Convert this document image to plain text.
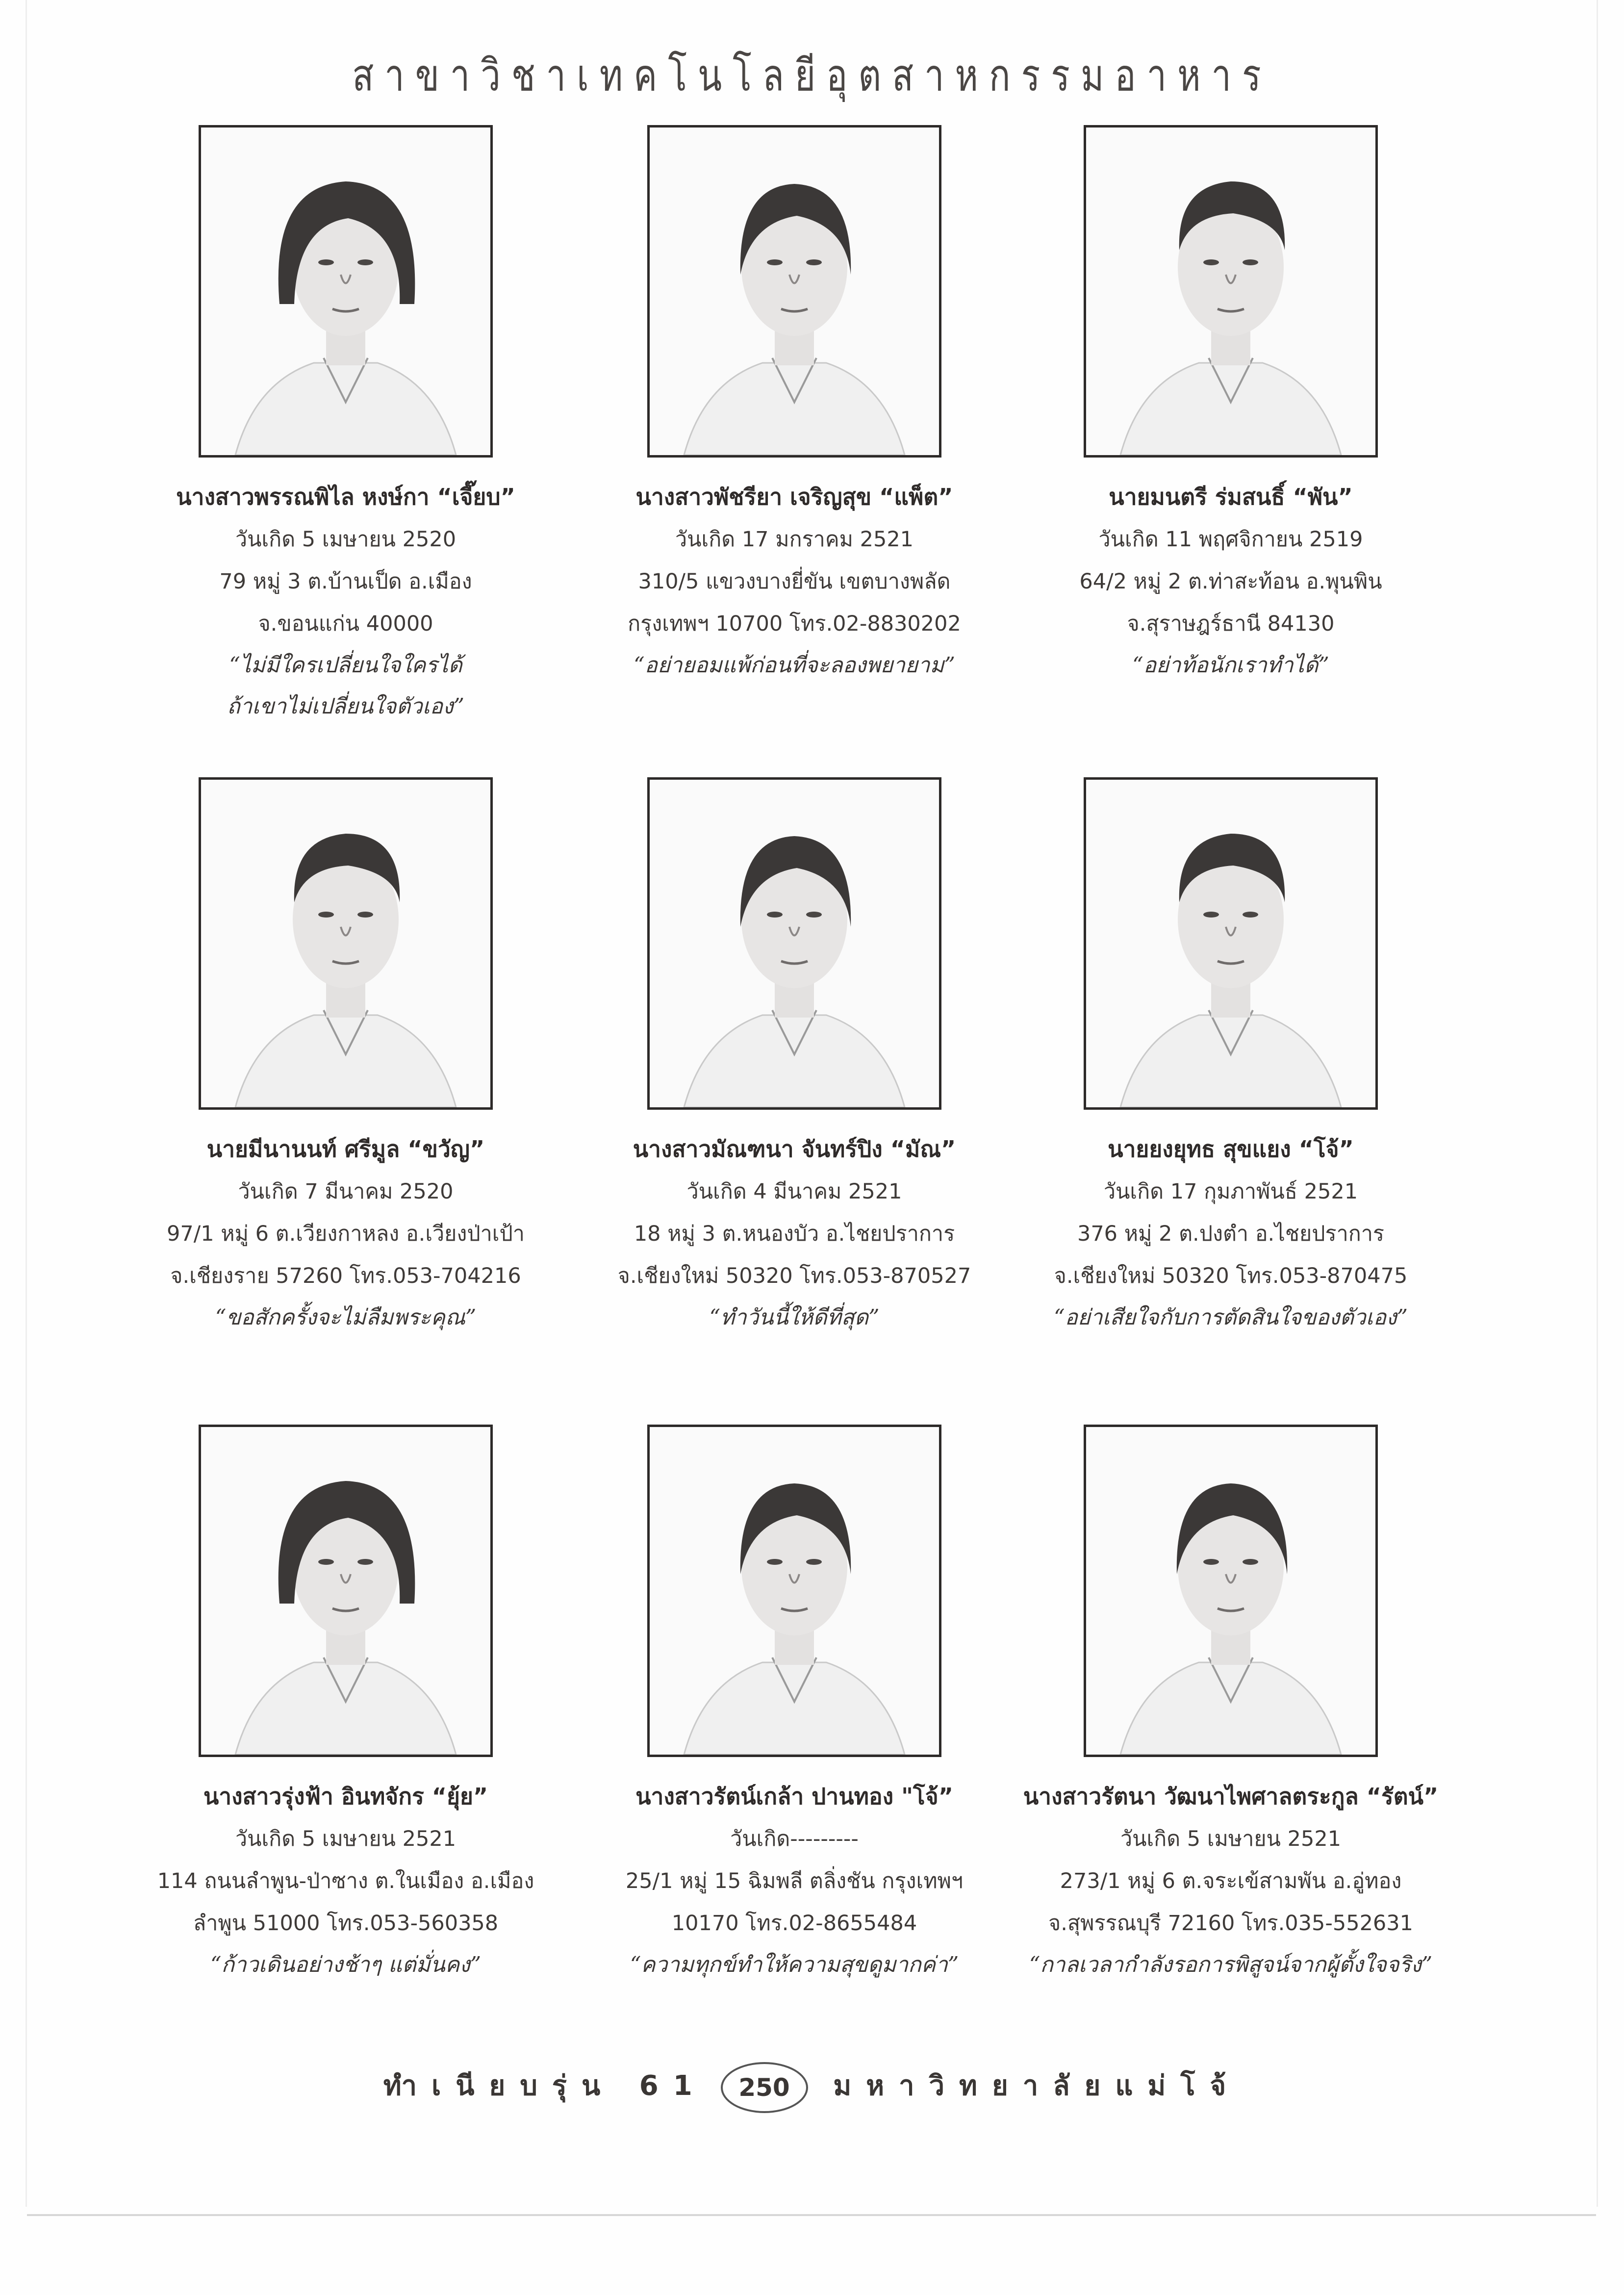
สาขาวิชาเทคโนโลยีอุตสาหกรรมอาหาร
นางสาวพรรณพิไล หงษ์กา “เจี๊ยบ”
วันเกิด 5 เมษายน 2520
79 หมู่ 3 ต.บ้านเป็ด อ.เมือง
จ.ขอนแก่น 40000
“ไม่มีใครเปลี่ยนใจใครได้
ถ้าเขาไม่เปลี่ยนใจตัวเอง”
นางสาวพัชรียา เจริญสุข “แพ็ต”
วันเกิด 17 มกราคม 2521
310/5 แขวงบางยี่ขัน เขตบางพลัด
กรุงเทพฯ 10700 โทร.02-8830202
“อย่ายอมแพ้ก่อนที่จะลองพยายาม”
นายมนตรี ร่มสนธิ์ “พัน”
วันเกิด 11 พฤศจิกายน 2519
64/2 หมู่ 2 ต.ท่าสะท้อน อ.พุนพิน
จ.สุราษฎร์ธานี 84130
“อย่าท้อนักเราทำได้”
นายมีนานนท์ ศรีมูล “ขวัญ”
วันเกิด 7 มีนาคม 2520
97/1 หมู่ 6 ต.เวียงกาหลง อ.เวียงป่าเป้า
จ.เชียงราย 57260 โทร.053-704216
“ขอสักครั้งจะไม่ลืมพระคุณ”
นางสาวมัณฑนา จันทร์ปิง “มัณ”
วันเกิด 4 มีนาคม 2521
18 หมู่ 3 ต.หนองบัว อ.ไชยปราการ
จ.เชียงใหม่ 50320 โทร.053-870527
“ทำวันนี้ให้ดีที่สุด”
นายยงยุทธ สุขแยง “โจ้”
วันเกิด 17 กุมภาพันธ์ 2521
376 หมู่ 2 ต.ปงตำ อ.ไชยปราการ
จ.เชียงใหม่ 50320 โทร.053-870475
“อย่าเสียใจกับการตัดสินใจของตัวเอง”
นางสาวรุ่งฟ้า อินทจักร “ยุ้ย”
วันเกิด 5 เมษายน 2521
114 ถนนลำพูน-ป่าซาง ต.ในเมือง อ.เมือง
ลำพูน 51000 โทร.053-560358
“ก้าวเดินอย่างช้าๆ แต่มั่นคง”
นางสาวรัตน์เกล้า ปานทอง "โจ้”
วันเกิด---------
25/1 หมู่ 15 ฉิมพลี ตลิ่งชัน กรุงเทพฯ
10170 โทร.02-8655484
“ความทุกข์ทำให้ความสุขดูมากค่า”
นางสาวรัตนา วัฒนาไพศาลตระกูล “รัตน์”
วันเกิด 5 เมษายน 2521
273/1 หมู่ 6 ต.จระเข้สามพัน อ.อู่ทอง
จ.สุพรรณบุรี 72160 โทร.035-552631
“กาลเวลากำลังรอการพิสูจน์จากผู้ตั้งใจจริง”
ทำเนียบรุ่น 61 250 มหาวิทยาลัยแม่โจ้
